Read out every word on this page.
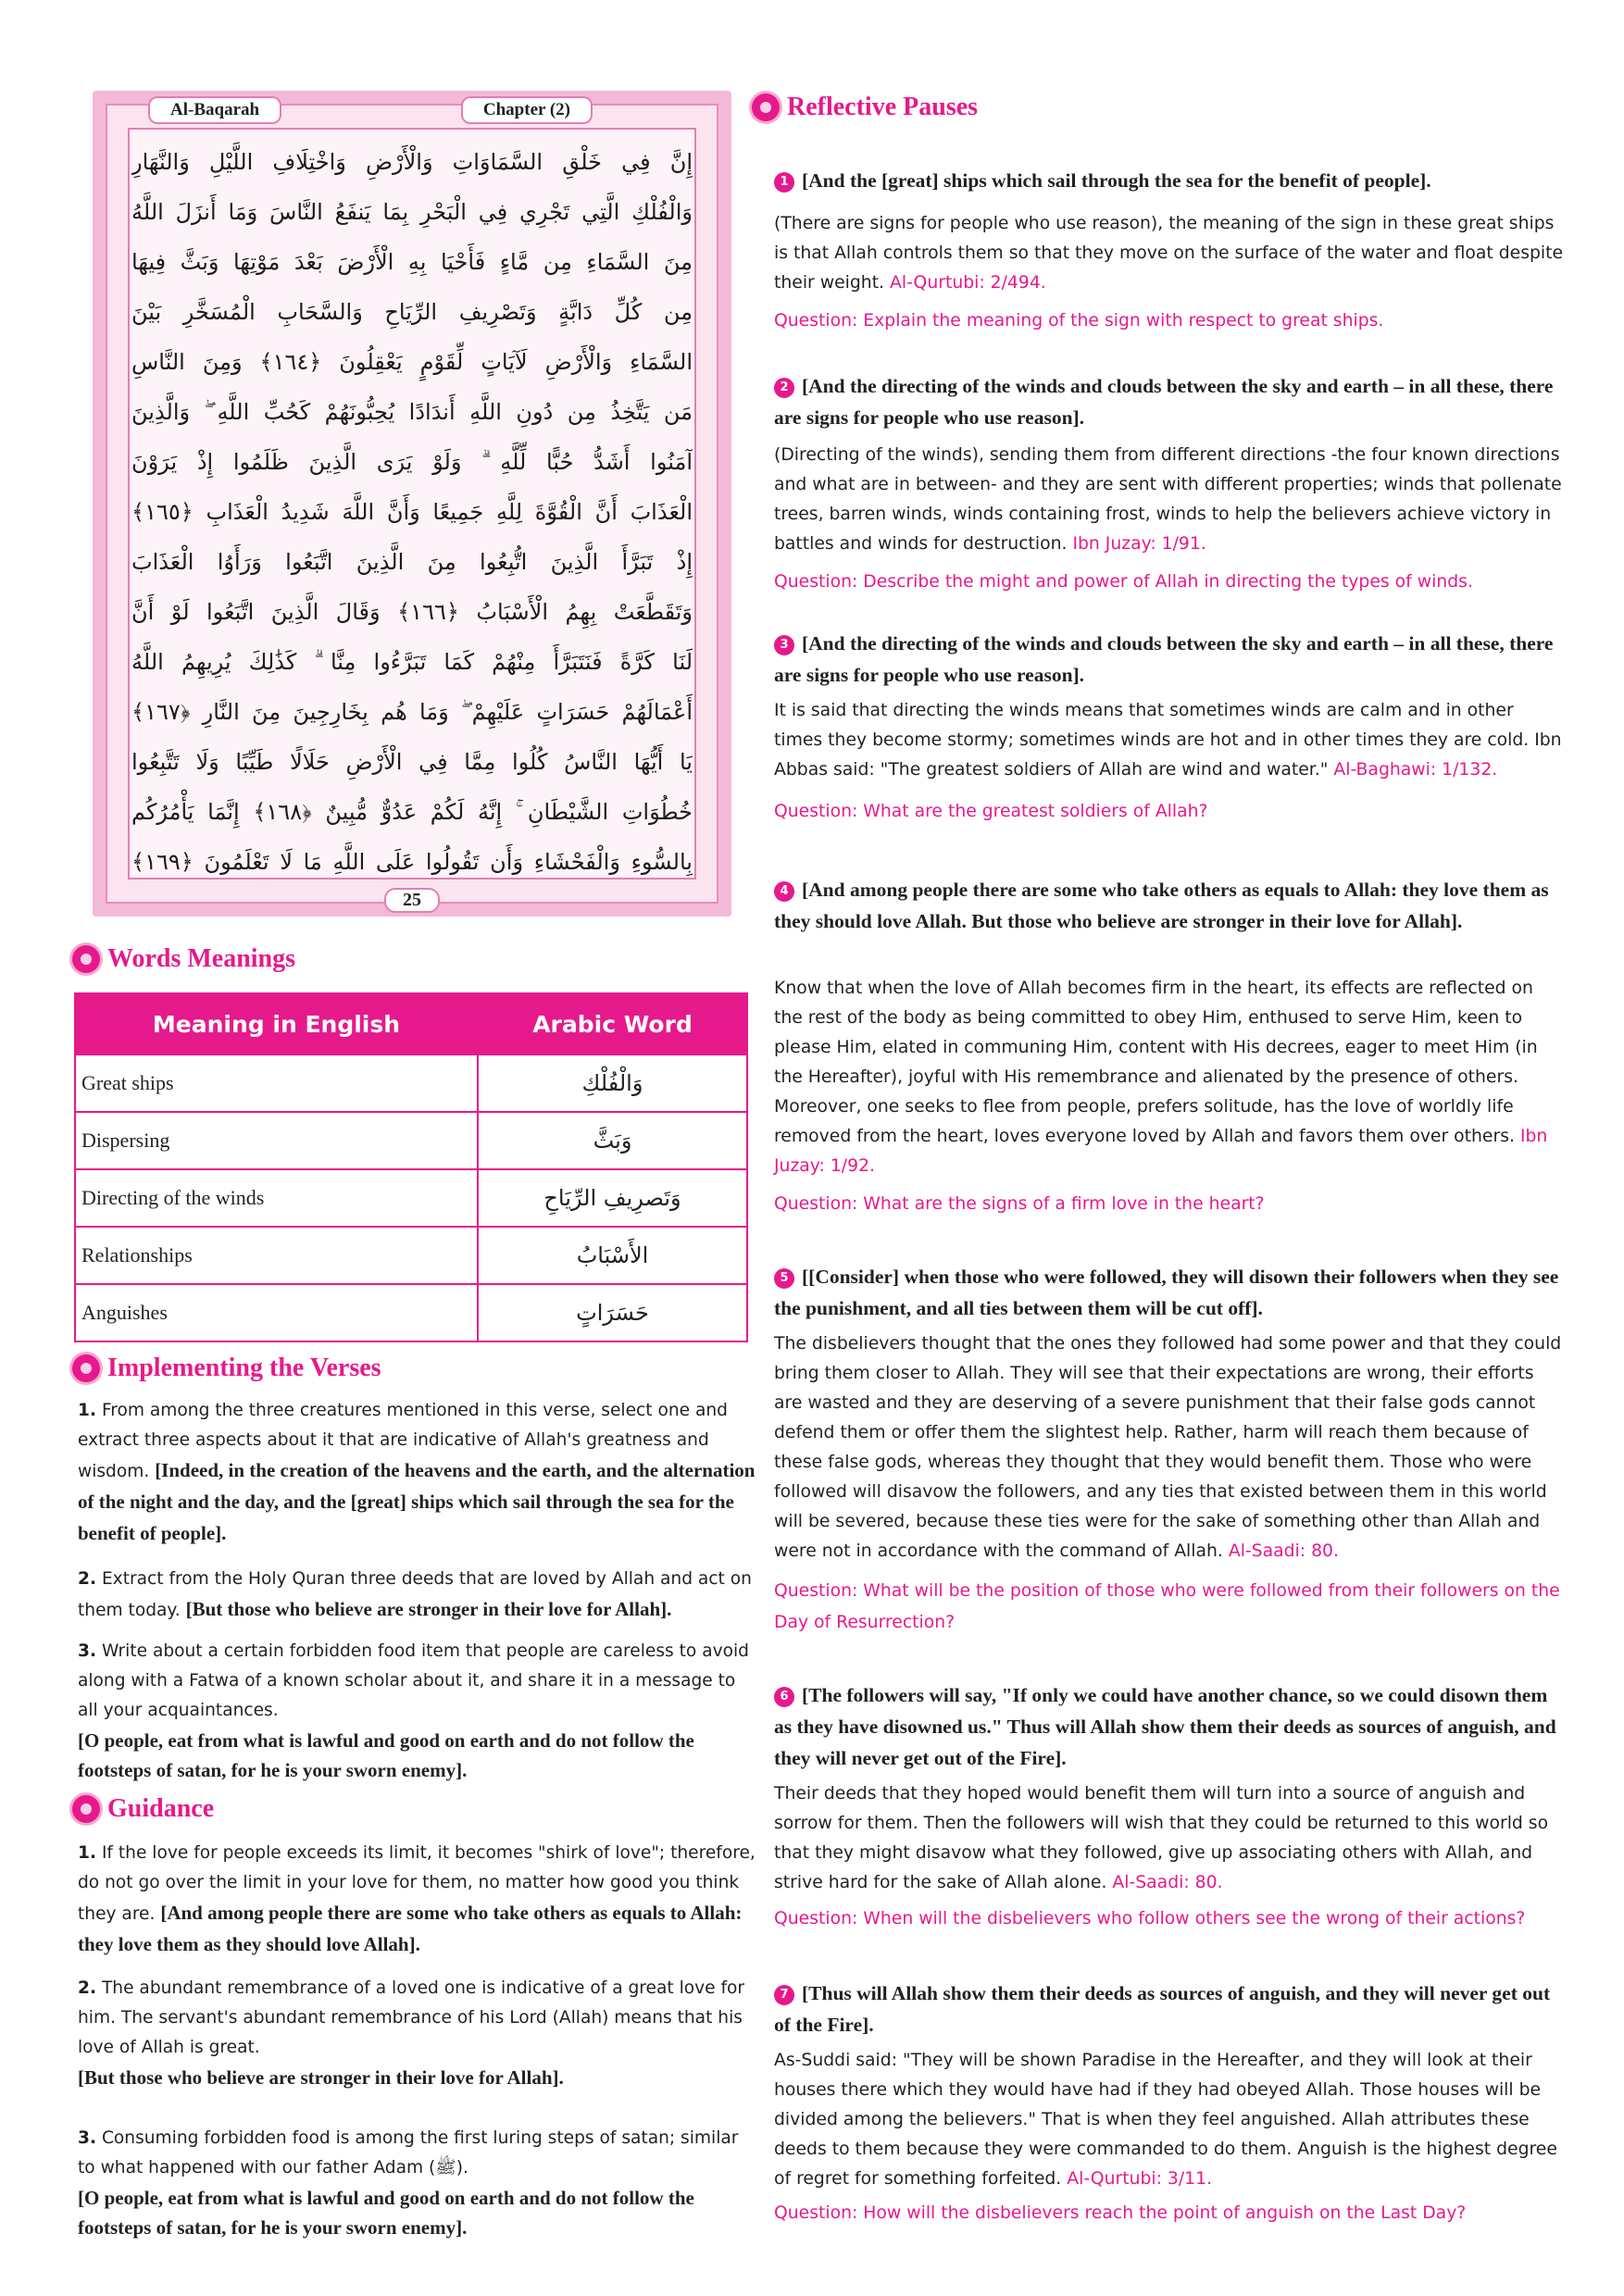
Al-Baqarah	Chapter (2)
إِنَّ فِي خَلْقِ السَّمَاوَاتِ وَالْأَرْضِ وَاخْتِلَافِ اللَّيْلِ وَالنَّهَارِ
وَالْفُلْكِ الَّتِي تَجْرِي فِي الْبَحْرِ بِمَا يَنفَعُ النَّاسَ وَمَا أَنزَلَ اللَّهُ
مِنَ السَّمَاءِ مِن مَّاءٍ فَأَحْيَا بِهِ الْأَرْضَ بَعْدَ مَوْتِهَا وَبَثَّ فِيهَا
مِن كُلِّ دَابَّةٍ وَتَصْرِيفِ الرِّيَاحِ وَالسَّحَابِ الْمُسَخَّرِ بَيْنَ
السَّمَاءِ وَالْأَرْضِ لَآيَاتٍ لِّقَوْمٍ يَعْقِلُونَ ﴿١٦٤﴾ وَمِنَ النَّاسِ
مَن يَتَّخِذُ مِن دُونِ اللَّهِ أَندَادًا يُحِبُّونَهُمْ كَحُبِّ اللَّهِ ۖ وَالَّذِينَ
آمَنُوا أَشَدُّ حُبًّا لِّلَّهِ ۗ وَلَوْ يَرَى الَّذِينَ ظَلَمُوا إِذْ يَرَوْنَ
الْعَذَابَ أَنَّ الْقُوَّةَ لِلَّهِ جَمِيعًا وَأَنَّ اللَّهَ شَدِيدُ الْعَذَابِ ﴿١٦٥﴾
إِذْ تَبَرَّأَ الَّذِينَ اتُّبِعُوا مِنَ الَّذِينَ اتَّبَعُوا وَرَأَوُا الْعَذَابَ
وَتَقَطَّعَتْ بِهِمُ الْأَسْبَابُ ﴿١٦٦﴾ وَقَالَ الَّذِينَ اتَّبَعُوا لَوْ أَنَّ
لَنَا كَرَّةً فَنَتَبَرَّأَ مِنْهُمْ كَمَا تَبَرَّءُوا مِنَّا ۗ كَذَٰلِكَ يُرِيهِمُ اللَّهُ
أَعْمَالَهُمْ حَسَرَاتٍ عَلَيْهِمْ ۖ وَمَا هُم بِخَارِجِينَ مِنَ النَّارِ ﴿١٦٧﴾
يَا أَيُّهَا النَّاسُ كُلُوا مِمَّا فِي الْأَرْضِ حَلَالًا طَيِّبًا وَلَا تَتَّبِعُوا
خُطُوَاتِ الشَّيْطَانِ ۚ إِنَّهُ لَكُمْ عَدُوٌّ مُّبِينٌ ﴿١٦٨﴾ إِنَّمَا يَأْمُرُكُم
بِالسُّوءِ وَالْفَحْشَاءِ وَأَن تَقُولُوا عَلَى اللَّهِ مَا لَا تَعْلَمُونَ ﴿١٦٩﴾
25
Words Meanings
Meaning in English	Arabic Word
Great ships	وَالْفُلْكِ
Dispersing	وَبَثَّ
Directing of the winds	وَتَصرِيفِ الرِّيَاحِ
Relationships	الأَسْبَابُ
Anguishes	حَسَرَاتٍ
Implementing the Verses

1. From among the three creatures mentioned in this verse, select one and extract three aspects about it that are indicative of Allah's greatness and wisdom. [Indeed, in the creation of the heavens and the earth, and the alternation of the night and the day, and the [great] ships which sail through the sea for the benefit of people].

2. Extract from the Holy Quran three deeds that are loved by Allah and act on them today. [But those who believe are stronger in their love for Allah].

3. Write about a certain forbidden food item that people are careless to avoid along with a Fatwa of a known scholar about it, and share it in a message to all your acquaintances.

[O people, eat from what is lawful and good on earth and do not follow the footsteps of satan, for he is your sworn enemy].

Guidance

1. If the love for people exceeds its limit, it becomes "shirk of love"; therefore, do not go over the limit in your love for them, no matter how good you think they are. [And among people there are some who take others as equals to Allah: they love them as they should love Allah].

2. The abundant remembrance of a loved one is indicative of a great love for him. The servant's abundant remembrance of his Lord (Allah) means that his love of Allah is great.

[But those who believe are stronger in their love for Allah].

3. Consuming forbidden food is among the first luring steps of satan; similar to what happened with our father Adam (ﷺ).

[O people, eat from what is lawful and good on earth and do not follow the footsteps of satan, for he is your sworn enemy].

Reflective Pauses
1 [And the [great] ships which sail through the sea for the benefit of people].

(There are signs for people who use reason), the meaning of the sign in these great ships is that Allah controls them so that they move on the surface of the water and float despite their weight. Al-Qurtubi: 2/494.

Question: Explain the meaning of the sign with respect to great ships.
2 [And the directing of the winds and clouds between the sky and earth – in all these, there are signs for people who use reason].

(Directing of the winds), sending them from different directions -the four known directions and what are in between- and they are sent with different properties; winds that pollenate trees, barren winds, winds containing frost, winds to help the believers achieve victory in battles and winds for destruction. Ibn Juzay: 1/91.

Question: Describe the might and power of Allah in directing the types of winds.
3 [And the directing of the winds and clouds between the sky and earth – in all these, there are signs for people who use reason].

It is said that directing the winds means that sometimes winds are calm and in other times they become stormy; sometimes winds are hot and in other times they are cold. Ibn Abbas said: "The greatest soldiers of Allah are wind and water." Al-Baghawi: 1/132.

Question: What are the greatest soldiers of Allah?
4 [And among people there are some who take others as equals to Allah: they love them as they should love Allah. But those who believe are stronger in their love for Allah].

Know that when the love of Allah becomes firm in the heart, its effects are reflected on the rest of the body as being committed to obey Him, enthused to serve Him, keen to please Him, elated in communing Him, content with His decrees, eager to meet Him (in the Hereafter), joyful with His remembrance and alienated by the presence of others. Moreover, one seeks to flee from people, prefers solitude, has the love of worldly life removed from the heart, loves everyone loved by Allah and favors them over others. Ibn Juzay: 1/92.

Question: What are the signs of a firm love in the heart?
5 [[Consider] when those who were followed, they will disown their followers when they see the punishment, and all ties between them will be cut off].

The disbelievers thought that the ones they followed had some power and that they could bring them closer to Allah. They will see that their expectations are wrong, their efforts are wasted and they are deserving of a severe punishment that their false gods cannot defend them or offer them the slightest help. Rather, harm will reach them because of these false gods, whereas they thought that they would benefit them. Those who were followed will disavow the followers, and any ties that existed between them in this world will be severed, because these ties were for the sake of something other than Allah and were not in accordance with the command of Allah. Al-Saadi: 80.

Question: What will be the position of those who were followed from their followers on the Day of Resurrection?
6 [The followers will say, "If only we could have another chance, so we could disown them as they have disowned us." Thus will Allah show them their deeds as sources of anguish, and they will never get out of the Fire].

Their deeds that they hoped would benefit them will turn into a source of anguish and sorrow for them. Then the followers will wish that they could be returned to this world so that they might disavow what they followed, give up associating others with Allah, and strive hard for the sake of Allah alone. Al-Saadi: 80.

Question: When will the disbelievers who follow others see the wrong of their actions?
7 [Thus will Allah show them their deeds as sources of anguish, and they will never get out of the Fire].

As-Suddi said: "They will be shown Paradise in the Hereafter, and they will look at their houses there which they would have had if they had obeyed Allah. Those houses will be divided among the believers." That is when they feel anguished. Allah attributes these deeds to them because they were commanded to do them. Anguish is the highest degree of regret for something forfeited. Al-Qurtubi: 3/11.

Question: How will the disbelievers reach the point of anguish on the Last Day?
